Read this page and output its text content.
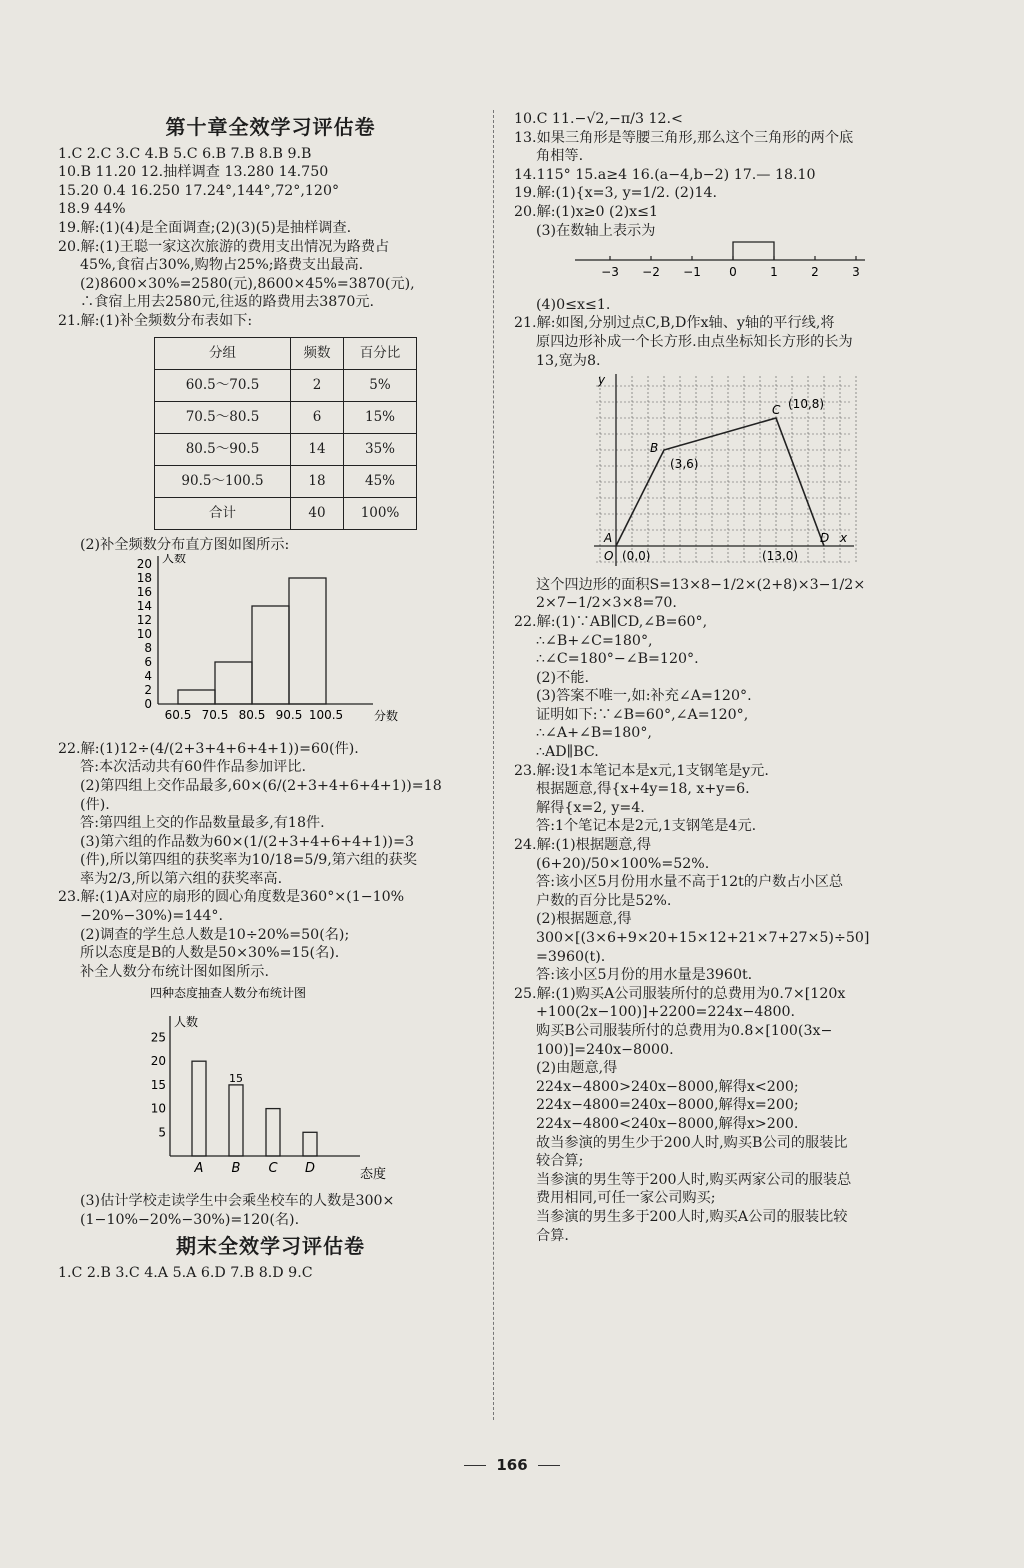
第十章全效学习评估卷
1.C 2.C 3.C 4.B 5.C 6.B 7.B 8.B 9.B
10.B 11.20 12.抽样调查 13.280 14.750
15.20 0.4 16.250 17.24°,144°,72°,120°
18.9 44%
19.解:(1)(4)是全面调查;(2)(3)(5)是抽样调查.
20.解:(1)王聪一家这次旅游的费用支出情况为路费占
45%,食宿占30%,购物占25%;路费支出最高.
(2)8600×30%=2580(元),8600×45%=3870(元),
∴食宿上用去2580元,往返的路费用去3870元.
21.解:(1)补全频数分布表如下:
分组	频数	百分比
60.5～70.5	2	5%
70.5～80.5	6	15%
80.5～90.5	14	35%
90.5～100.5	18	45%
合计	40	100%
(2)补全频数分布直方图如图所示:
0
2
4
6
8
10
12
14
16
18
20 人数
60.5 70.5 80.5 90.5 100.5	分数
22.解:(1)12÷(4/(2+3+4+6+4+1))=60(件).
答:本次活动共有60件作品参加评比.
(2)第四组上交作品最多,60×(6/(2+3+4+6+4+1))=18
(件).
答:第四组上交的作品数量最多,有18件.
(3)第六组的作品数为60×(1/(2+3+4+6+4+1))=3
(件),所以第四组的获奖率为10/18=5/9,第六组的获奖
率为2/3,所以第六组的获奖率高.
23.解:(1)A对应的扇形的圆心角度数是360°×(1−10%
−20%−30%)=144°.
(2)调查的学生总人数是10÷20%=50(名);
所以态度是B的人数是50×30%=15(名).
补全人数分布统计图如图所示.
四种态度抽查人数分布统计图
人数
5
10
15
20
25
A B
15
C D	态度
(3)估计学校走读学生中会乘坐校车的人数是300×
(1−10%−20%−30%)=120(名).
期末全效学习评估卷
1.C 2.B 3.C 4.A 5.A 6.D 7.B 8.D 9.C
10.C 11.−√2,−π/3 12.<
13.如果三角形是等腰三角形,那么这个三角形的两个底
角相等.
14.115° 15.a≥4 16.(a−4,b−2) 17.— 18.10
19.解:(1){x=3, y=1/2. (2)14.
20.解:(1)x≥0 (2)x≤1
(3)在数轴上表示为
−3 −2 −1 0	1	2	3
(4)0≤x≤1.
21.解:如图,分别过点C,B,D作x轴、y轴的平行线,将
原四边形补成一个长方形.由点坐标知长方形的长为
13,宽为8.
A
O (0,0)
B
(3,6)
C (10,8)
D
(13,0)
y
x
这个四边形的面积S=13×8−1/2×(2+8)×3−1/2×
2×7−1/2×3×8=70.
22.解:(1)∵AB∥CD,∠B=60°,
∴∠B+∠C=180°,
∴∠C=180°−∠B=120°.
(2)不能.
(3)答案不唯一,如:补充∠A=120°.
证明如下:∵∠B=60°,∠A=120°,
∴∠A+∠B=180°,
∴AD∥BC.
23.解:设1本笔记本是x元,1支钢笔是y元.
根据题意,得{x+4y=18, x+y=6.
解得{x=2, y=4.
答:1个笔记本是2元,1支钢笔是4元.
24.解:(1)根据题意,得
(6+20)/50×100%=52%.
答:该小区5月份用水量不高于12t的户数占小区总
户数的百分比是52%.
(2)根据题意,得
300×[(3×6+9×20+15×12+21×7+27×5)÷50]
=3960(t).
答:该小区5月份的用水量是3960t.
25.解:(1)购买A公司服装所付的总费用为0.7×[120x
+100(2x−100)]+2200=224x−4800.
购买B公司服装所付的总费用为0.8×[100(3x−
100)]=240x−8000.
(2)由题意,得
224x−4800>240x−8000,解得x<200;
224x−4800=240x−8000,解得x=200;
224x−4800<240x−8000,解得x>200.
故当参演的男生少于200人时,购买B公司的服装比
较合算;
当参演的男生等于200人时,购买两家公司的服装总
费用相同,可任一家公司购买;
当参演的男生多于200人时,购买A公司的服装比较
合算.
166
